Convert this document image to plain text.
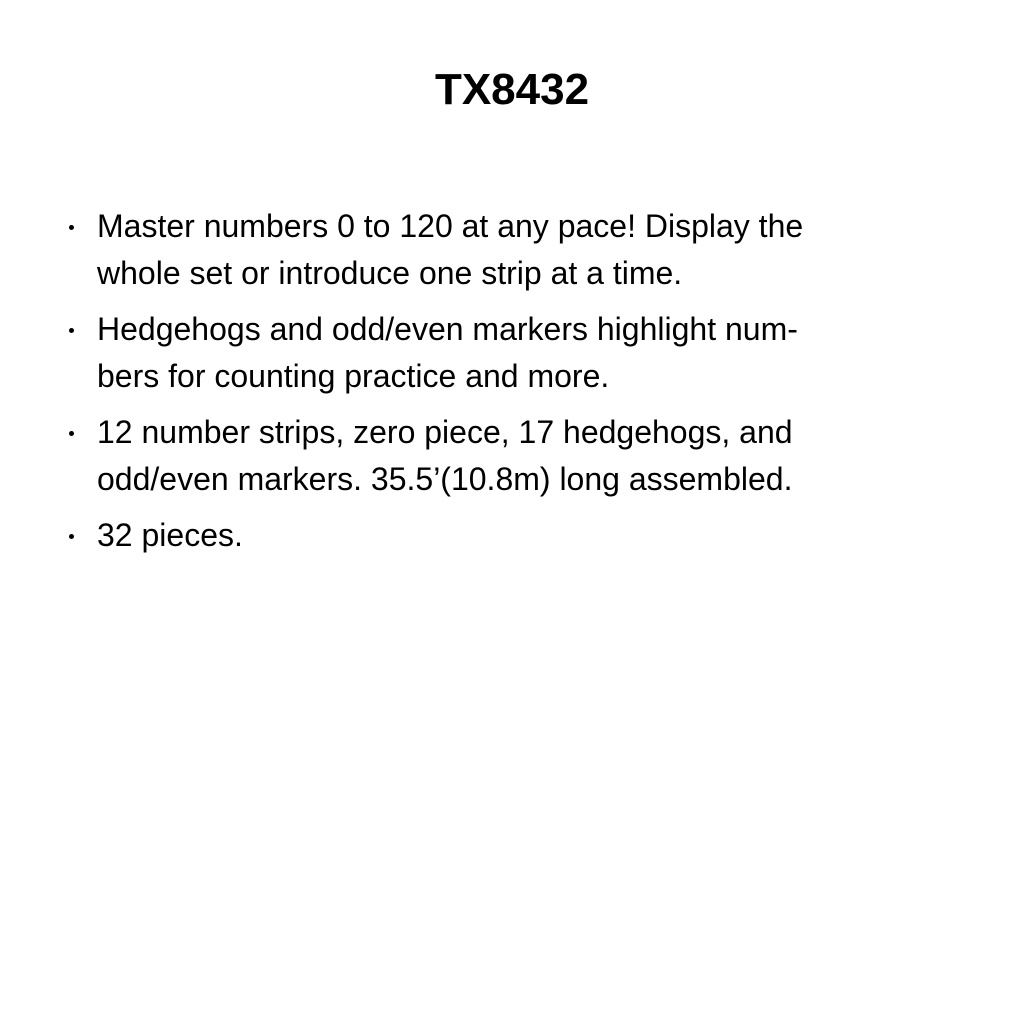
TX8432
Master numbers 0 to 120 at any pace! Display the
whole set or introduce one strip at a time.
Hedgehogs and odd/even markers highlight num-
bers for counting practice and more.
12 number strips, zero piece, 17 hedgehogs, and
odd/even markers. 35.5’(10.8m) long assembled.
32 pieces.
